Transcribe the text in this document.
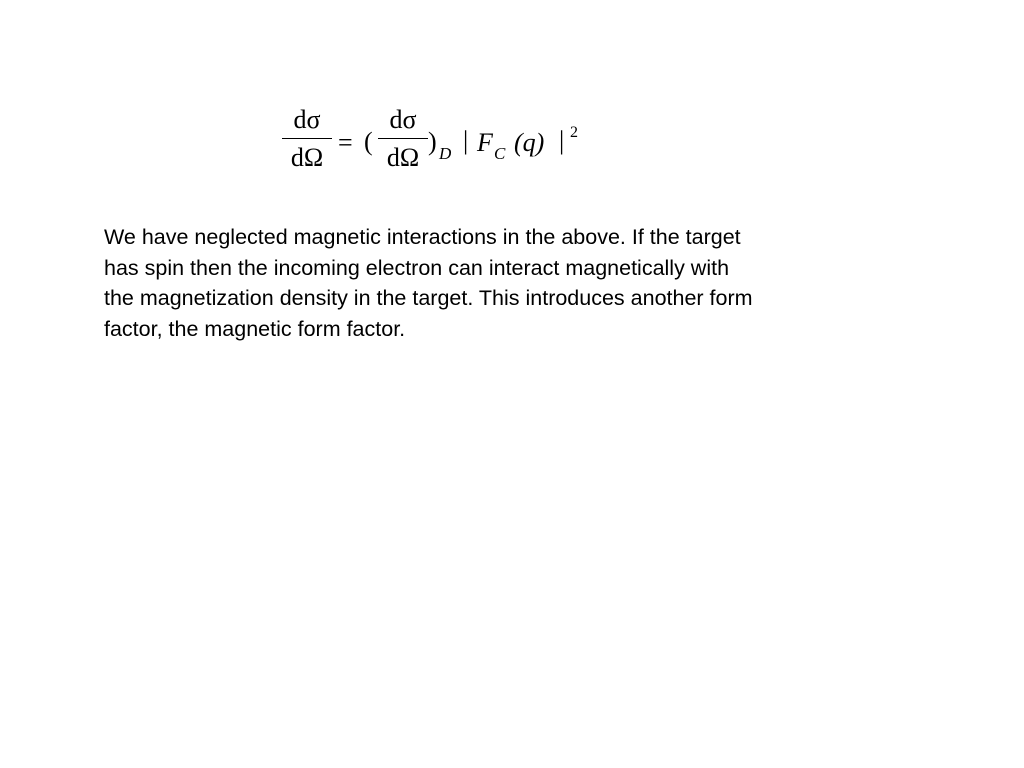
dσ
dΩ
= (
dσ
dΩ
) D | F C (q) | 2

We have neglected magnetic interactions in the above. If the target
has spin then the incoming electron can interact magnetically with
the magnetization density in the target. This introduces another form
factor, the magnetic form factor.
